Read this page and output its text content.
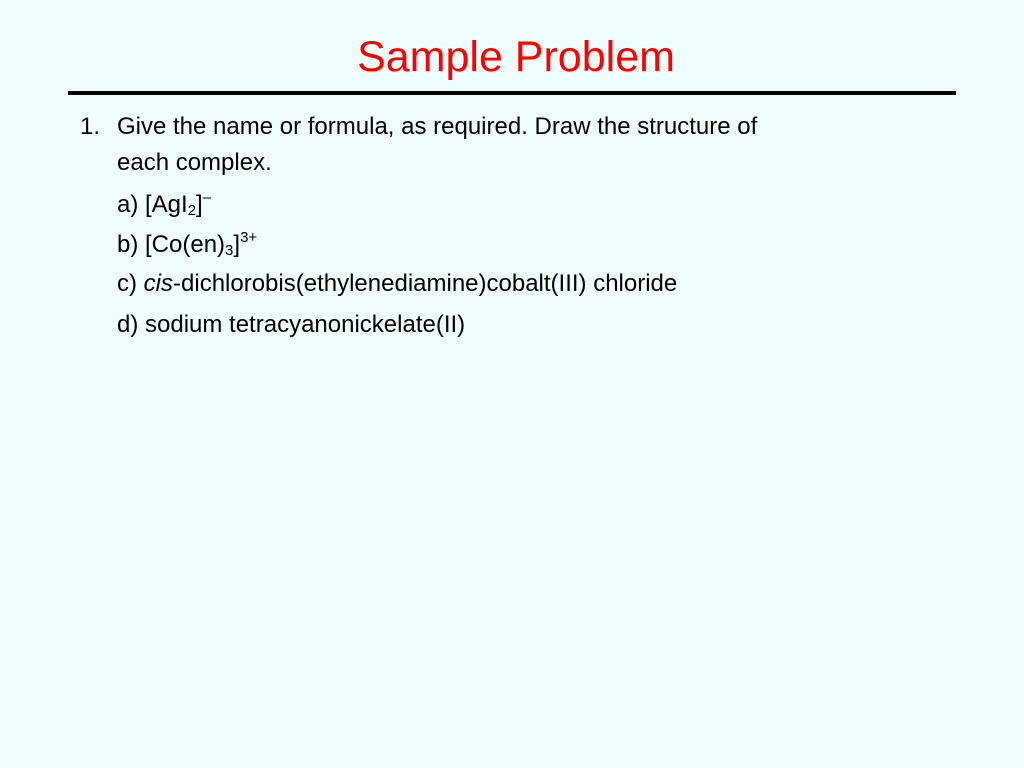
Sample Problem
1. Give the name or formula, as required. Draw the structure of
each complex.
a) [AgI$_2$]–
b) $[Co(en)_3]^{3+}$
c) cis-dichlorobis(ethylenediamine)cobalt(III) chloride
d) sodium tetracyanonickelate(II)
